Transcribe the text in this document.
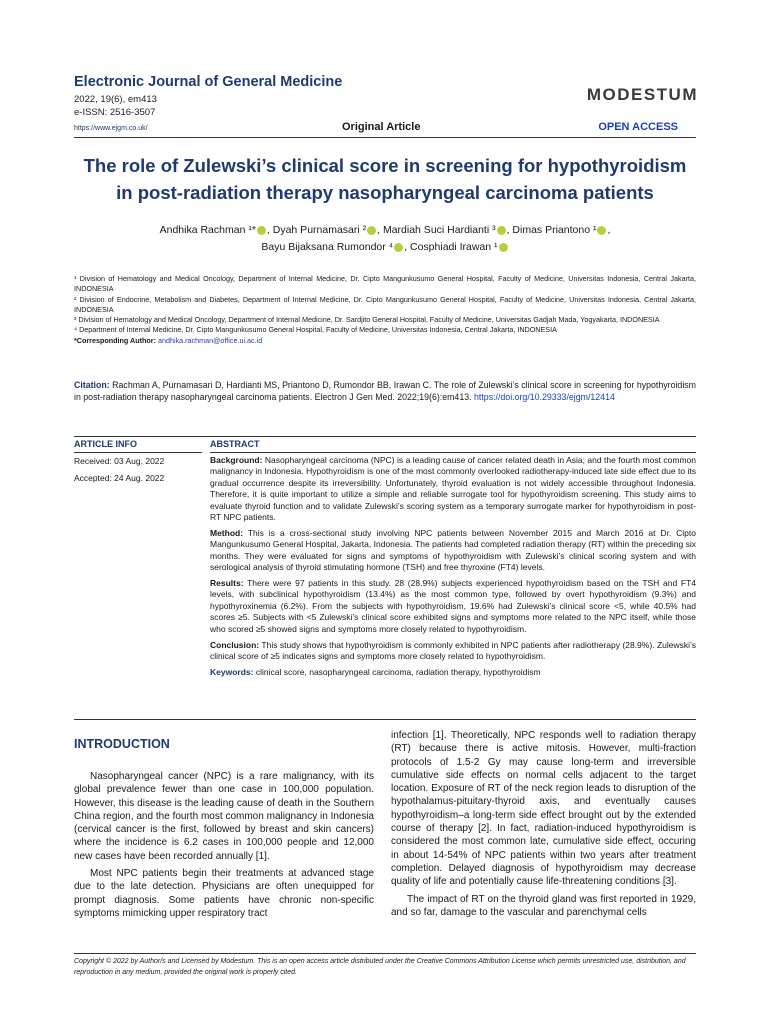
Electronic Journal of General Medicine
2022, 19(6), em413
e-ISSN: 2516-3507
https://www.ejgm.co.uk/
MODESTUM
Original Article	OPEN ACCESS
The role of Zulewski’s clinical score in screening for hypothyroidism
in post-radiation therapy nasopharyngeal carcinoma patients
Andhika Rachman ¹* , Dyah Purnamasari ² , Mardiah Suci Hardianti ³ , Dimas Priantono ¹ ,
Bayu Bijaksana Rumondor ⁴ , Cosphiadi Irawan ¹

¹ Division of Hematology and Medical Oncology, Department of Internal Medicine, Dr. Cipto Mangunkusumo General Hospital, Faculty of Medicine, Universitas Indonesia, Central Jakarta, INDONESIA

² Division of Endocrine, Metabolism and Diabetes, Department of Internal Medicine, Dr. Cipto Mangunkusumo General Hospital, Faculty of Medicine, Universitas Indonesia, Central Jakarta, INDONESIA

³ Division of Hematology and Medical Oncology, Department of Internal Medicine, Dr. Sardjito General Hospital, Faculty of Medicine, Universitas Gadjah Mada, Yogyakarta, INDONESIA

⁴ Department of Internal Medicine, Dr. Cipto Mangunkusumo General Hospital, Faculty of Medicine, Universitas Indonesia, Central Jakarta, INDONESIA

*Corresponding Author: andhika.rachman@office.ui.ac.id

Citation: Rachman A, Purnamasari D, Hardianti MS, Priantono D, Rumondor BB, Irawan C. The role of Zulewski’s clinical score in screening for hypothyroidism in post-radiation therapy nasopharyngeal carcinoma patients. Electron J Gen Med. 2022;19(6):em413. https://doi.org/10.29333/ejgm/12414
ARTICLE INFO
Received: 03 Aug. 2022
Accepted: 24 Aug. 2022
ABSTRACT

Background: Nasopharyngeal carcinoma (NPC) is a leading cause of cancer related death in Asia; and the fourth most common malignancy in Indonesia. Hypothyroidism is one of the most commonly overlooked radiotherapy-induced late side effect due to its gradual occurrence despite its irreversibility. Unfortunately, thyroid evaluation is not widely accessible throughout Indonesia. Therefore, it is quite important to utilize a simple and reliable surrogate tool for hypothyroidism screening. This study aims to evaluate thyroid function and to validate Zulewski’s scoring system as a temporary surrogate marker for hypothyroidism in post-RT NPC patients.

Method: This is a cross-sectional study involving NPC patients between November 2015 and March 2016 at Dr. Cipto Mangunkusumo General Hospital, Jakarta, Indonesia. The patients had completed radiation therapy (RT) within the preceding six months. They were evaluated for signs and symptoms of hypothyroidism with Zulewski’s clinical scoring system and with serological analysis of thyroid stimulating hormone (TSH) and free thyroxine (FT4) levels.

Results: There were 97 patients in this study. 28 (28.9%) subjects experienced hypothyroidism based on the TSH and FT4 levels, with subclinical hypothyroidism (13.4%) as the most common type, followed by overt hypothyroidism (9.3%) and hypothyroxinemia (6.2%). From the subjects with hypothyroidism, 19.6% had Zulewski’s clinical score <5, while 40.5% had scores ≥5. Subjects with <5 Zulewski’s clinical score exhibited signs and symptoms more related to the NPC itself, while those who scored ≥5 showed signs and symptoms more closely related to hypothyroidism.

Conclusion: This study shows that hypothyroidism is commonly exhibited in NPC patients after radiotherapy (28.9%). Zulewski’s clinical score of ≥5 indicates signs and symptoms more closely related to hypothyroidism.

Keywords: clinical score, nasopharyngeal carcinoma, radiation therapy, hypothyroidism

INTRODUCTION

Nasopharyngeal cancer (NPC) is a rare malignancy, with its global prevalence fewer than one case in 100,000 population. However, this disease is the leading cause of death in the Southern China region, and the fourth most common malignancy in Indonesia (cervical cancer is the first, followed by breast and skin cancers) where the incidence is 6.2 cases in 100,000 people and 12,000 new cases have been recorded annually [1].

Most NPC patients begin their treatments at advanced stage due to the late detection. Physicians are often unequipped for prompt diagnosis. Some patients have chronic non-specific symptoms mimicking upper respiratory tract

infection [1]. Theoretically, NPC responds well to radiation therapy (RT) because there is active mitosis. However, multi-fraction protocols of 1.5-2 Gy may cause long-term and irreversible cumulative side effects on normal cells adjacent to the target location. Exposure of RT of the neck region leads to disruption of the hypothalamus-pituitary-thyroid axis, and eventually causes hypothyroidism–a long-term side effect brought out by the extended course of therapy [2]. In fact, radiation-induced hypothyroidism is considered the most common late, cumulative side effect, occuring in about 14-54% of NPC patients within two years after treatment completion. Delayed diagnosis of hypothyroidism may decrease quality of life and potentially cause life-threatening conditions [3].

The impact of RT on the thyroid gland was first reported in 1929, and so far, damage to the vascular and parenchymal cells

Copyright © 2022 by Author/s and Licensed by Modestum. This is an open access article distributed under the Creative Commons Attribution License which permits unrestricted use, distribution, and reproduction in any medium, provided the original work is properly cited.
